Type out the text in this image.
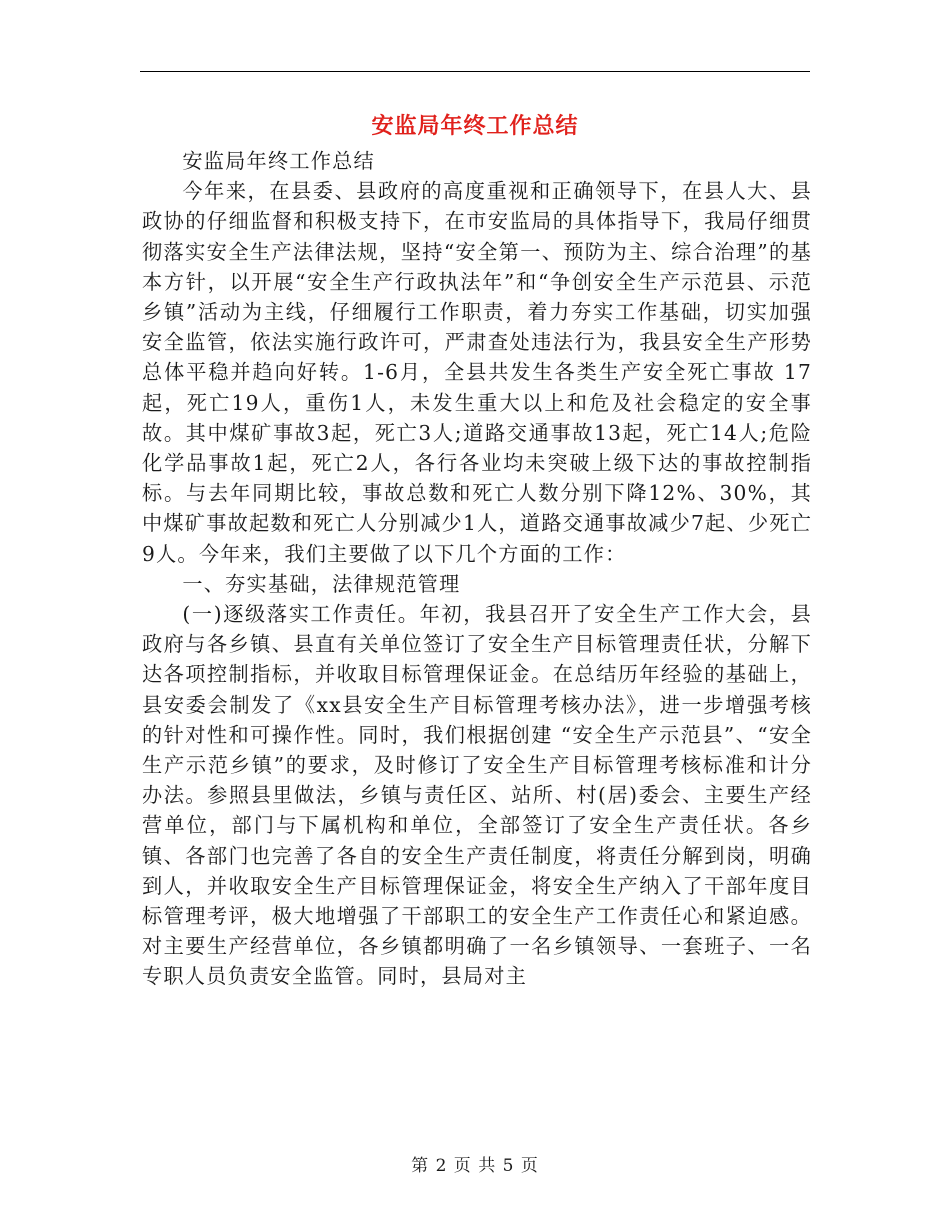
安监局年终工作总结

安监局年终工作总结

今年来，在县委、县政府的高度重视和正确领导下，在县人大、县政协的仔细监督和积极支持下，在市安监局的具体指导下，我局仔细贯彻落实安全生产法律法规，坚持“安全第一、预防为主、综合治理”的基本方针，以开展“安全生产行政执法年”和“争创安全生产示范县、示范乡镇”活动为主线，仔细履行工作职责，着力夯实工作基础，切实加强安全监管，依法实施行政许可，严肃查处违法行为，我县安全生产形势总体平稳并趋向好转。1-6月，全县共发生各类生产安全死亡事故 17起，死亡19人，重伤1人，未发生重大以上和危及社会稳定的安全事故。其中煤矿事故3起，死亡3人;道路交通事故13起，死亡14人;危险化学品事故1起，死亡2人，各行各业均未突破上级下达的事故控制指标。与去年同期比较，事故总数和死亡人数分别下降12%、30%，其中煤矿事故起数和死亡人分别减少1人，道路交通事故减少7起、少死亡9人。今年来，我们主要做了以下几个方面的工作：

一、夯实基础，法律规范管理

(一)逐级落实工作责任。年初，我县召开了安全生产工作大会，县政府与各乡镇、县直有关单位签订了安全生产目标管理责任状，分解下达各项控制指标，并收取目标管理保证金。在总结历年经验的基础上，县安委会制发了《xx县安全生产目标管理考核办法》，进一步增强考核的针对性和可操作性。同时，我们根据创建 “安全生产示范县”、“安全生产示范乡镇”的要求，及时修订了安全生产目标管理考核标准和计分办法。参照县里做法，乡镇与责任区、站所、村(居)委会、主要生产经营单位，部门与下属机构和单位，全部签订了安全生产责任状。各乡镇、各部门也完善了各自的安全生产责任制度，将责任分解到岗，明确到人，并收取安全生产目标管理保证金，将安全生产纳入了干部年度目标管理考评，极大地增强了干部职工的安全生产工作责任心和紧迫感。对主要生产经营单位，各乡镇都明确了一名乡镇领导、一套班子、一名专职人员负责安全监管。同时，县局对主

第 2 页 共 5 页
